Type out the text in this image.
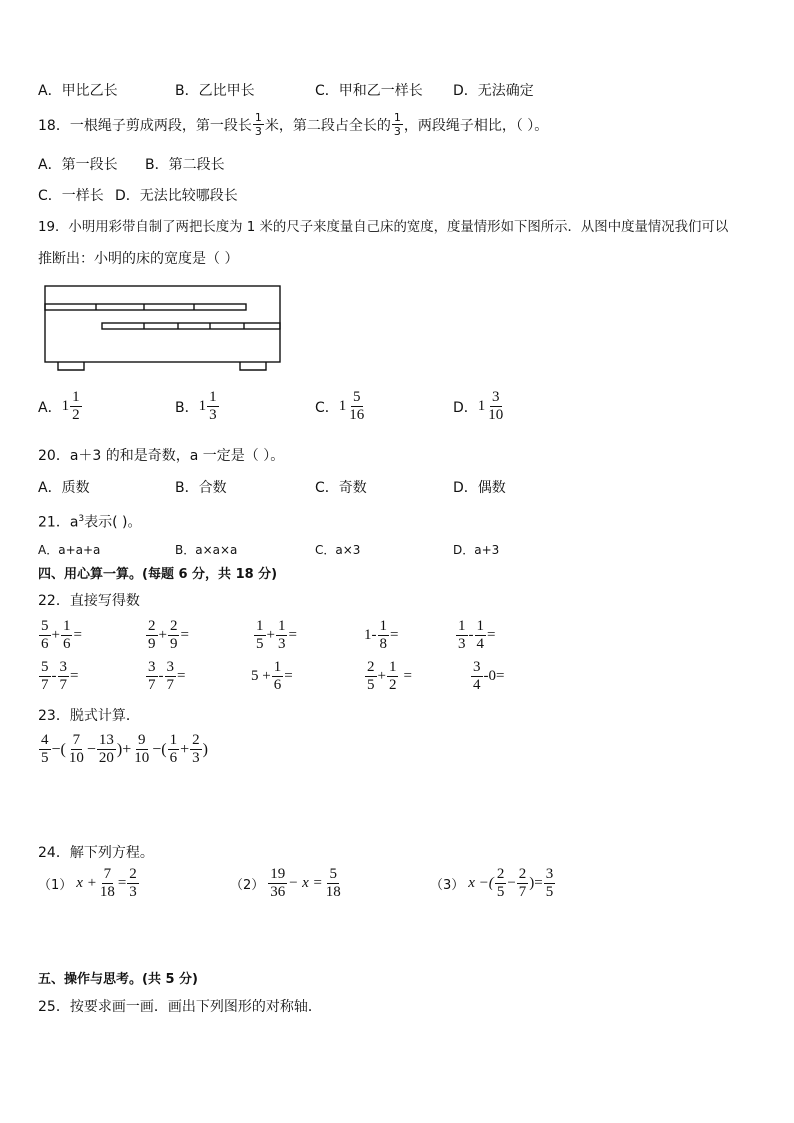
A．甲比乙长	B．乙比甲长	C．甲和乙一样长 D．无法确定
18．一根绳子剪成两段，第一段长 $\frac{1}{3}$ 米，第二段占全长的 $\frac{1}{3}$ ，两段绳子相比，（ ）。
A．第一段长 B．第二段长
C．一样长 D．无法比较哪段长
19．小明用彩带自制了两把长度为 1 米的尺子来度量自己床的宽度，度量情形如下图所示．从图中度量情况我们可以
推断出：小明的床的宽度是（ ）
A． $1 \frac{1}{2}$	B． $1 \frac{1}{3}$	C． $1 \frac{5}{16}$	D． $1 \frac{3}{10}$
20．a＋3 的和是奇数，a 一定是（ ）。
A．质数	B．合数	C．奇数	D．偶数
21．$a^3$表示( )。
A．a+a+a	B．a×a×a	C．a×3	D．a+3
四、用心算一算。(每题 6 分，共 18 分)
22．直接写得数
$\frac{5}{6} + \frac{1}{6}$ =	$\frac{2}{9} + \frac{2}{9}$ =	$\frac{1}{5} + \frac{1}{3}$ =	$1- \frac{1}{8}$ =	$\frac{1}{3} - \frac{1}{4}$ =
$\frac{5}{7} - \frac{3}{7}$ =	$\frac{3}{7} - \frac{3}{7}$ =	$5 + \frac{1}{6}$ =	$\frac{2}{5} + \frac{1}{2}$ =	$\frac{3}{4} -0=$
23．脱式计算．
$\frac{4}{5}$ −( $\frac{7}{10} - \frac{13}{20}$ )+ $\frac{9}{10}$ −( $\frac{1}{6} + \frac{2}{3}$ )
24．解下列方程。
（1） $x + \frac{7}{18} = \frac{2}{3}$	$(2) \frac{19}{36} - x = \frac{5}{18}$	（3） x −( $\frac{2}{5} - \frac{2}{7}$ )= $\frac{3}{5}$
五、操作与思考。(共 5 分)
25．按要求画一画．画出下列图形的对称轴．
